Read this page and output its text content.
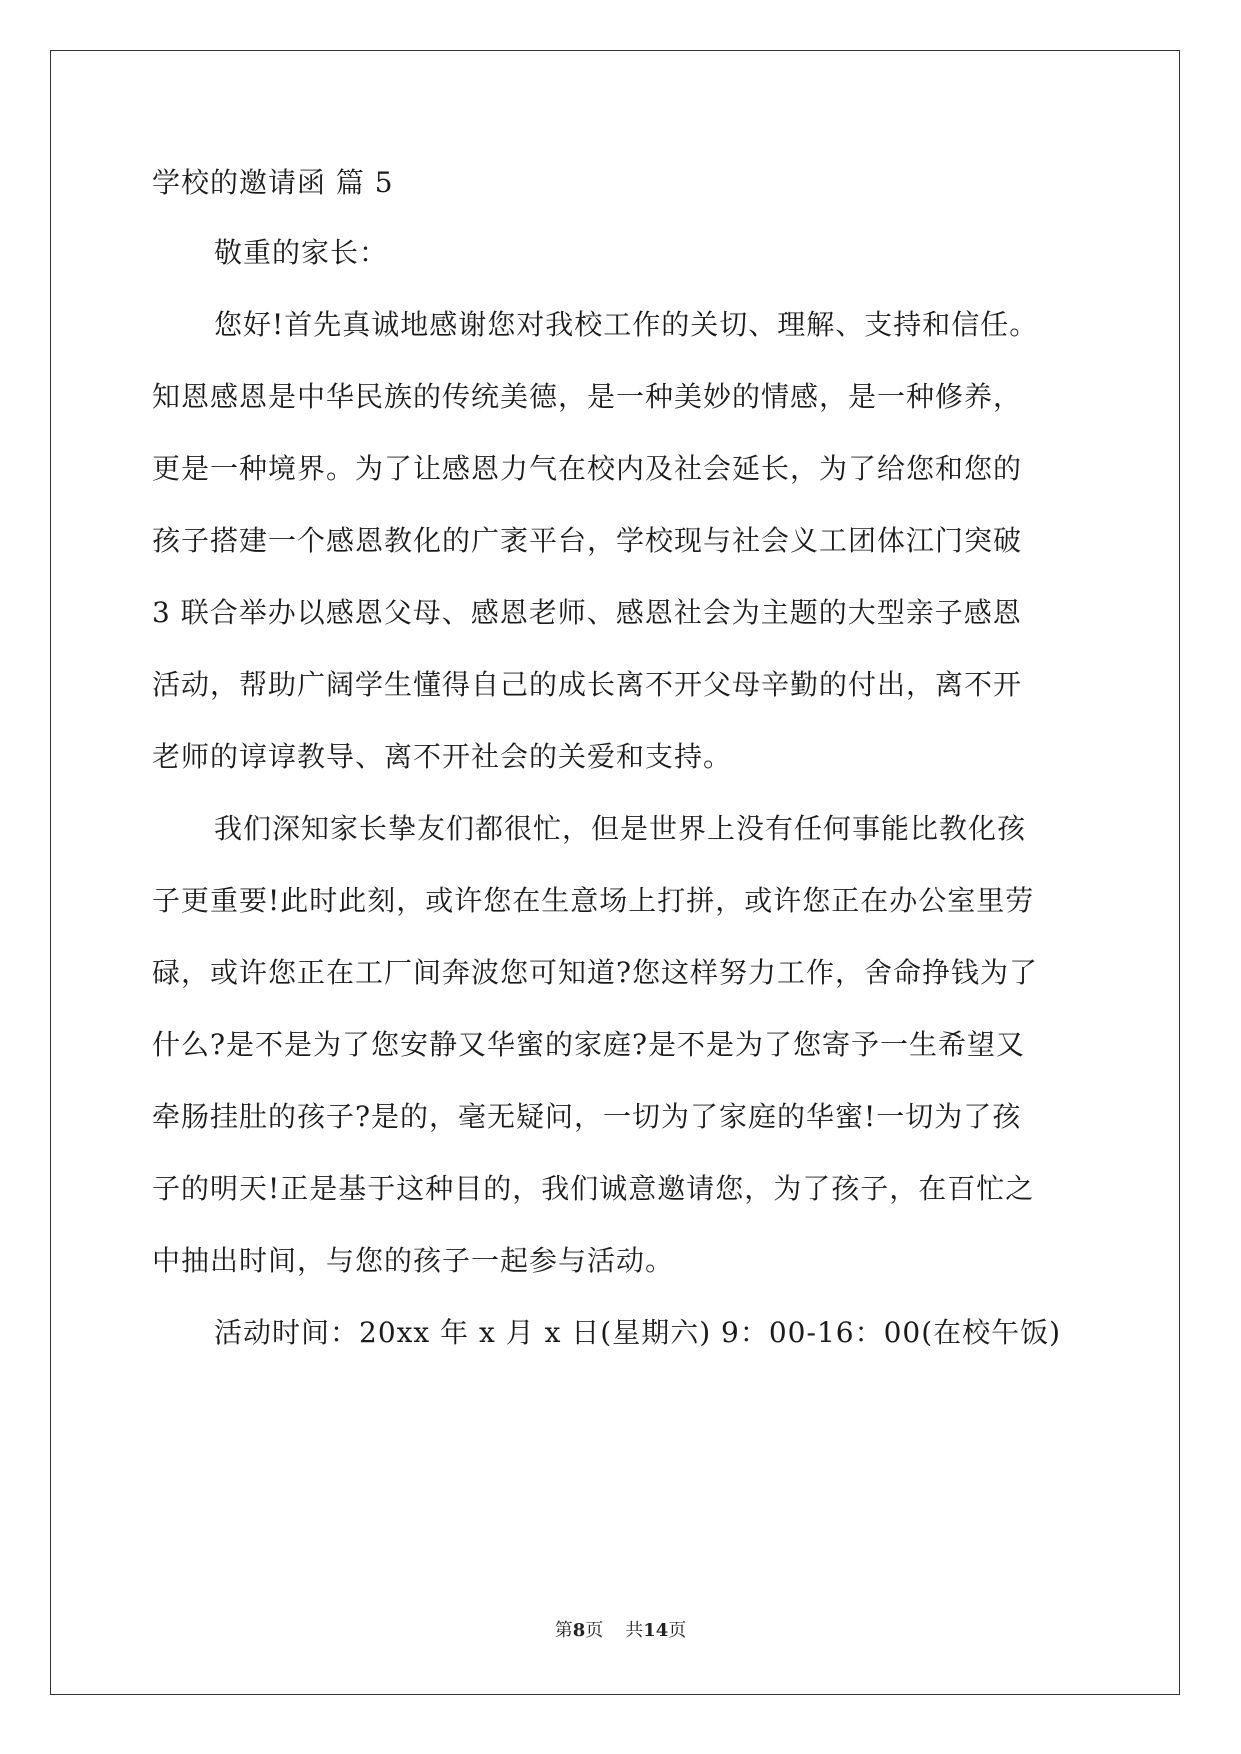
学校的邀请函 篇 5
敬重的家长：
您好!首先真诚地感谢您对我校工作的关切、理解、支持和信任。
知恩感恩是中华民族的传统美德，是一种美妙的情感，是一种修养，
更是一种境界。为了让感恩力气在校内及社会延长，为了给您和您的
孩子搭建一个感恩教化的广袤平台，学校现与社会义工团体江门突破
3 联合举办以感恩父母、感恩老师、感恩社会为主题的大型亲子感恩
活动，帮助广阔学生懂得自己的成长离不开父母辛勤的付出，离不开
老师的谆谆教导、离不开社会的关爱和支持。
我们深知家长挚友们都很忙，但是世界上没有任何事能比教化孩
子更重要!此时此刻，或许您在生意场上打拼，或许您正在办公室里劳
碌，或许您正在工厂间奔波您可知道?您这样努力工作，舍命挣钱为了
什么?是不是为了您安静又华蜜的家庭?是不是为了您寄予一生希望又
牵肠挂肚的孩子?是的，毫无疑问，一切为了家庭的华蜜!一切为了孩
子的明天!正是基于这种目的，我们诚意邀请您，为了孩子，在百忙之
中抽出时间，与您的孩子一起参与活动。
活动时间：20xx 年 x 月 x 日(星期六) 9：00-16：00(在校午饭)
第8页 共14页
